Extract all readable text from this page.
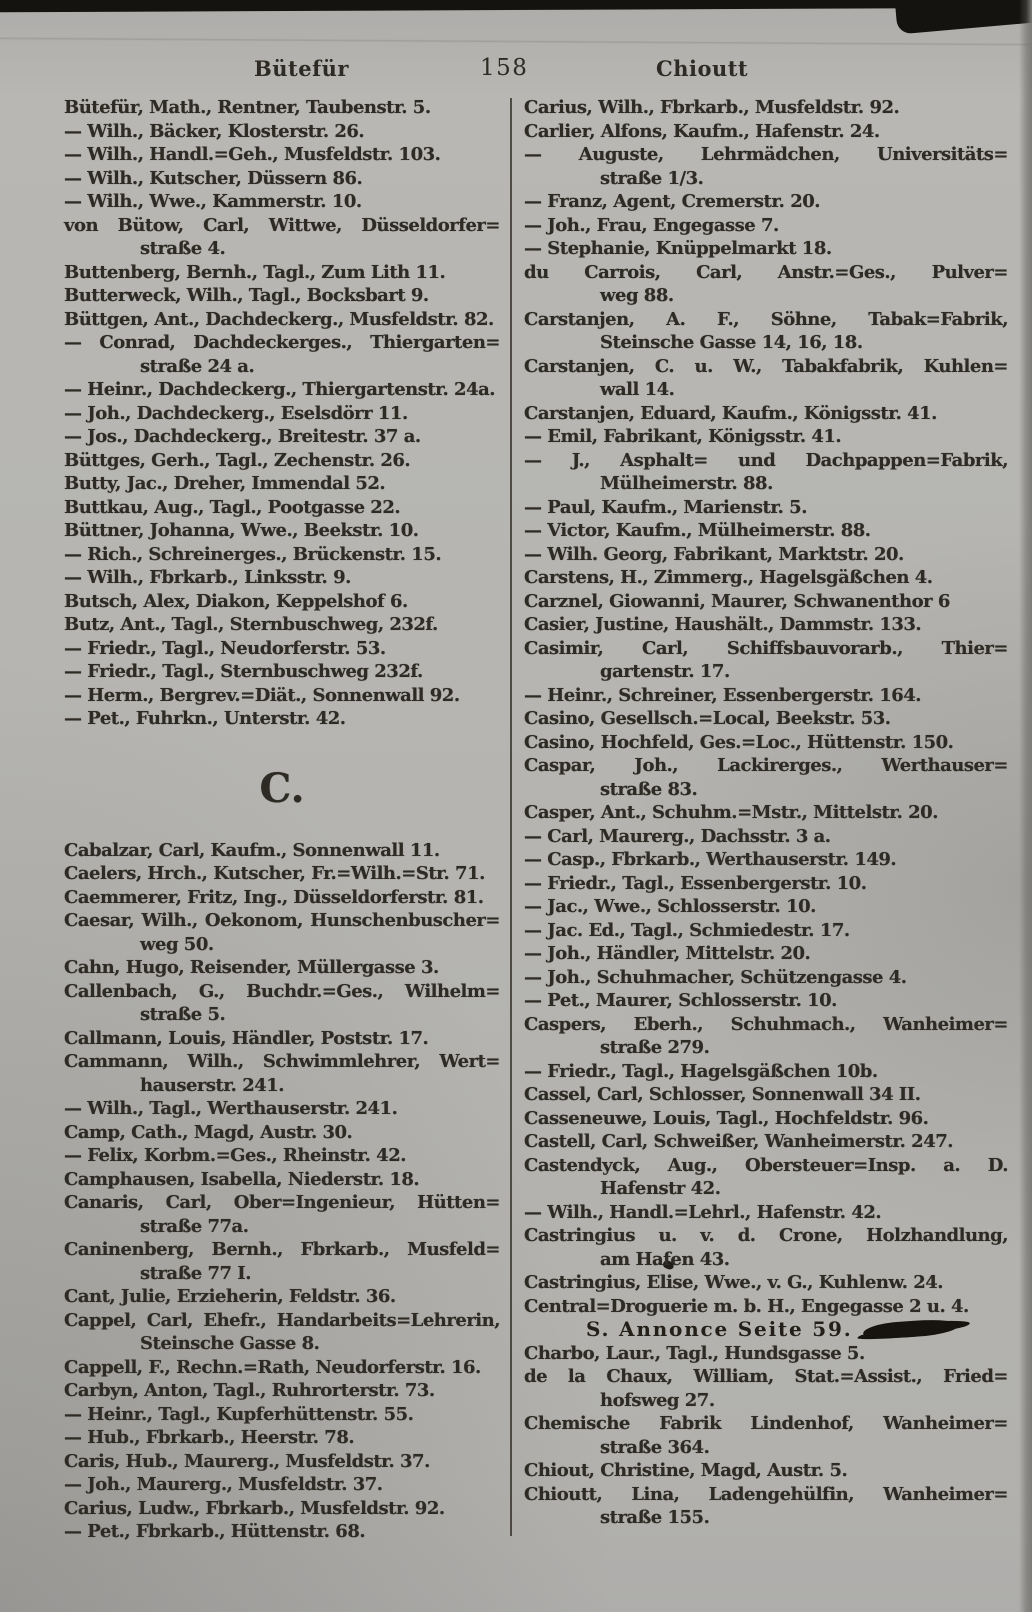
Bütefür	158	Chioutt
Bütefür, Math., Rentner, Taubenstr. 5.
— Wilh., Bäcker, Klosterstr. 26.
— Wilh., Handl.=Geh., Musfeldstr. 103.
— Wilh., Kutscher, Düssern 86.
— Wilh., Wwe., Kammerstr. 10.
von Bütow, Carl, Wittwe, Düsseldorfer=
straße 4.
Buttenberg, Bernh., Tagl., Zum Lith 11.
Butterweck, Wilh., Tagl., Bocksbart 9.
Büttgen, Ant., Dachdeckerg., Musfeldstr. 82.
— Conrad, Dachdeckerges., Thiergarten=
straße 24 a.
— Heinr., Dachdeckerg., Thiergartenstr. 24a.
— Joh., Dachdeckerg., Eselsdörr 11.
— Jos., Dachdeckerg., Breitestr. 37 a.
Büttges, Gerh., Tagl., Zechenstr. 26.
Butty, Jac., Dreher, Immendal 52.
Buttkau, Aug., Tagl., Pootgasse 22.
Büttner, Johanna, Wwe., Beekstr. 10.
— Rich., Schreinerges., Brückenstr. 15.
— Wilh., Fbrkarb., Linksstr. 9.
Butsch, Alex, Diakon, Keppelshof 6.
Butz, Ant., Tagl., Sternbuschweg, 232f.
— Friedr., Tagl., Neudorferstr. 53.
— Friedr., Tagl., Sternbuschweg 232f.
— Herm., Bergrev.=Diät., Sonnenwall 92.
— Pet., Fuhrkn., Unterstr. 42.
C.
Cabalzar, Carl, Kaufm., Sonnenwall 11.
Caelers, Hrch., Kutscher, Fr.=Wilh.=Str. 71.
Caemmerer, Fritz, Ing., Düsseldorferstr. 81.
Caesar, Wilh., Oekonom, Hunschenbuscher=
weg 50.
Cahn, Hugo, Reisender, Müllergasse 3.
Callenbach, G., Buchdr.=Ges., Wilhelm=
straße 5.
Callmann, Louis, Händler, Poststr. 17.
Cammann, Wilh., Schwimmlehrer, Wert=
hauserstr. 241.
— Wilh., Tagl., Werthauserstr. 241.
Camp, Cath., Magd, Austr. 30.
— Felix, Korbm.=Ges., Rheinstr. 42.
Camphausen, Isabella, Niederstr. 18.
Canaris, Carl, Ober=Ingenieur, Hütten=
straße 77a.
Caninenberg, Bernh., Fbrkarb., Musfeld=
straße 77 I.
Cant, Julie, Erzieherin, Feldstr. 36.
Cappel, Carl, Ehefr., Handarbeits=Lehrerin,
Steinsche Gasse 8.
Cappell, F., Rechn.=Rath, Neudorferstr. 16.
Carbyn, Anton, Tagl., Ruhrorterstr. 73.
— Heinr., Tagl., Kupferhüttenstr. 55.
— Hub., Fbrkarb., Heerstr. 78.
Caris, Hub., Maurerg., Musfeldstr. 37.
— Joh., Maurerg., Musfeldstr. 37.
Carius, Ludw., Fbrkarb., Musfeldstr. 92.
— Pet., Fbrkarb., Hüttenstr. 68.
Carius, Wilh., Fbrkarb., Musfeldstr. 92.
Carlier, Alfons, Kaufm., Hafenstr. 24.
— Auguste, Lehrmädchen, Universitäts=
straße 1/3.
— Franz, Agent, Cremerstr. 20.
— Joh., Frau, Engegasse 7.
— Stephanie, Knüppelmarkt 18.
du Carrois, Carl, Anstr.=Ges., Pulver=
weg 88.
Carstanjen, A. F., Söhne, Tabak=Fabrik,
Steinsche Gasse 14, 16, 18.
Carstanjen, C. u. W., Tabakfabrik, Kuhlen=
wall 14.
Carstanjen, Eduard, Kaufm., Königsstr. 41.
— Emil, Fabrikant, Königsstr. 41.
— J., Asphalt= und Dachpappen=Fabrik,
Mülheimerstr. 88.
— Paul, Kaufm., Marienstr. 5.
— Victor, Kaufm., Mülheimerstr. 88.
— Wilh. Georg, Fabrikant, Marktstr. 20.
Carstens, H., Zimmerg., Hagelsgäßchen 4.
Carznel, Giowanni, Maurer, Schwanenthor 6
Casier, Justine, Haushält., Dammstr. 133.
Casimir, Carl, Schiffsbauvorarb., Thier=
gartenstr. 17.
— Heinr., Schreiner, Essenbergerstr. 164.
Casino, Gesellsch.=Local, Beekstr. 53.
Casino, Hochfeld, Ges.=Loc., Hüttenstr. 150.
Caspar, Joh., Lackirerges., Werthauser=
straße 83.
Casper, Ant., Schuhm.=Mstr., Mittelstr. 20.
— Carl, Maurerg., Dachsstr. 3 a.
— Casp., Fbrkarb., Werthauserstr. 149.
— Friedr., Tagl., Essenbergerstr. 10.
— Jac., Wwe., Schlosserstr. 10.
— Jac. Ed., Tagl., Schmiedestr. 17.
— Joh., Händler, Mittelstr. 20.
— Joh., Schuhmacher, Schützengasse 4.
— Pet., Maurer, Schlosserstr. 10.
Caspers, Eberh., Schuhmach., Wanheimer=
straße 279.
— Friedr., Tagl., Hagelsgäßchen 10b.
Cassel, Carl, Schlosser, Sonnenwall 34 II.
Casseneuwe, Louis, Tagl., Hochfeldstr. 96.
Castell, Carl, Schweißer, Wanheimerstr. 247.
Castendyck, Aug., Obersteuer=Insp. a. D.
Hafenstr 42.
— Wilh., Handl.=Lehrl., Hafenstr. 42.
Castringius u. v. d. Crone, Holzhandlung,
am Hafen 43.
Castringius, Elise, Wwe., v. G., Kuhlenw. 24.
Central=Droguerie m. b. H., Engegasse 2 u. 4.
S. Annonce Seite 59.
Charbo, Laur., Tagl., Hundsgasse 5.
de la Chaux, William, Stat.=Assist., Fried=
hofsweg 27.
Chemische Fabrik Lindenhof, Wanheimer=
straße 364.
Chiout, Christine, Magd, Austr. 5.
Chioutt, Lina, Ladengehülfin, Wanheimer=
straße 155.
